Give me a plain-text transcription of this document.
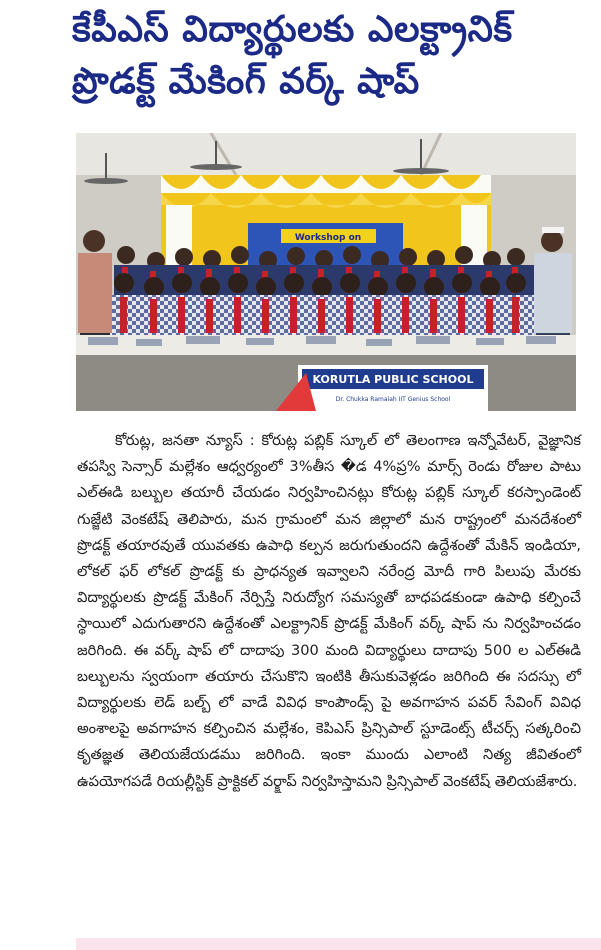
కేపీఎస్ విద్యార్థులకు ఎలక్ట్రానిక్
ప్రొడక్ట్ మేకింగ్ వర్క్ షాప్
Workshop on
KORUTLA PUBLIC SCHOOL
Dr. Chukka Ramaiah IIT Genius School
కోరుట్ల, జనతా న్యూస్ : కోరుట్ల పబ్లిక్ స్కూల్ లో తెలంగాణ ఇన్నోవేటర్, వైజ్ఞానిక తపస్వి సెన్సార్ మల్లేశం ఆధ్వర్యంలో 3%తీస �డ 4%ప్ర% మార్స్ రెండు రోజుల పాటు ఎల్ఈడి బల్బుల తయారీ చేయడం నిర్వహించినట్లు కోరుట్ల పబ్లిక్ స్కూల్ కరస్పాండెంట్ గుజ్జేటి వెంకటేష్ తెలిపారు, మన గ్రామంలో మన జిల్లాలో మన రాష్ట్రంలో మనదేశంలో ప్రొడక్ట్ తయారవుతే యువతకు ఉపాధి కల్పన జరుగుతుందని ఉద్దేశంతో మేకిన్ ఇండియా, లోకల్ ఫర్ లోకల్ ప్రొడక్ట్ కు ప్రాధన్యత ఇవ్వాలని నరేంద్ర మోదీ గారి పిలుపు మేరకు విద్యార్థులకు ప్రొడక్ట్ మేకింగ్ నేర్పిస్తే నిరుద్యోగ సమస్యతో బాధపడకుండా ఉపాధి కల్పించే స్థాయిలో ఎదుగుతారని ఉద్దేశంతో ఎలక్ట్రానిక్ ప్రొడక్ట్ మేకింగ్ వర్క్ షాప్ ను నిర్వహించడం జరిగింది. ఈ వర్క్ షాప్ లో దాదాపు 300 మంది విద్యార్థులు దాదాపు 500 ల ఎల్ఈడి బల్బులను స్వయంగా తయారు చేసుకొని ఇంటికి తీసుకువెళ్లడం జరిగింది ఈ సదస్సు లో విద్యార్థులకు లెడ్ బల్బ్ లో వాడే వివిధ కాంపౌండ్స్ పై అవగాహన పవర్ సేవింగ్ వివిధ అంశాలపై అవగాహన కల్పించిన మల్లేశం, కెపిఎస్ ప్రిన్సిపాల్ స్టూడెంట్స్ టీచర్స్ సత్కరించి కృతజ్ఞత తెలియజేయడము జరిగింది. ఇంకా ముందు ఎలాంటి నిత్య జీవితంలో ఉపయోగపడే రియల్లీస్టిక్ ప్రాక్టికల్ వర్క్షాప్ నిర్వహిస్తామని ప్రిన్సిపాల్ వెంకటేష్ తెలియజేశారు.
